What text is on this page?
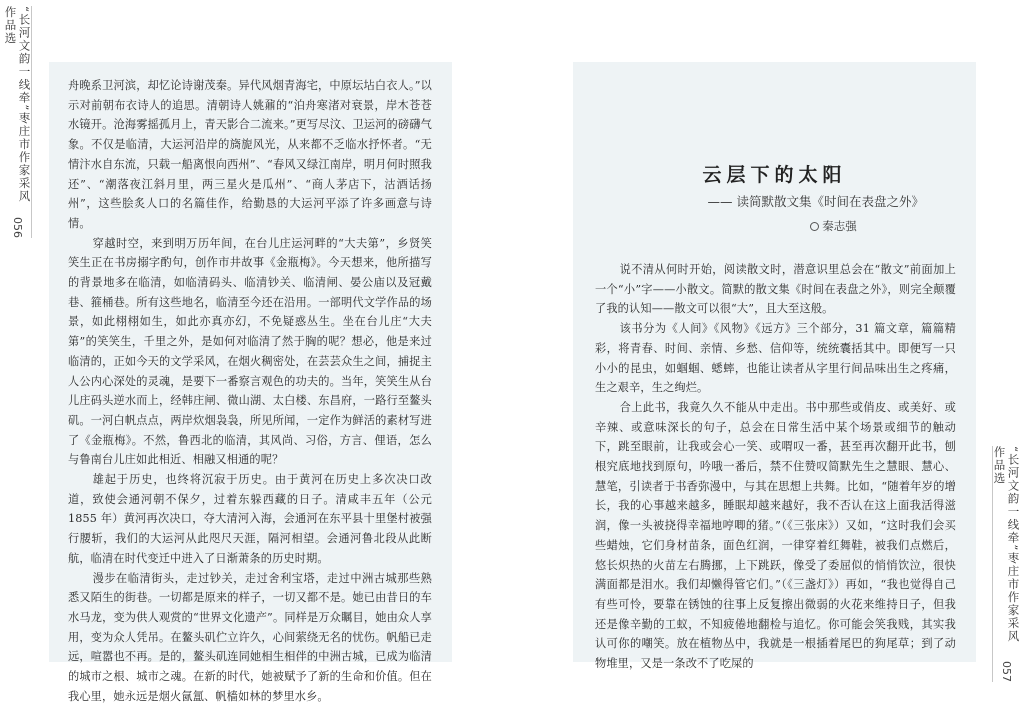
“长河文韵一线牵”枣庄市作家采风作品选
056

舟晚系卫河滨，却忆论诗谢茂秦。异代风烟青海宅，中原坛坫白衣人。”以示对前朝布衣诗人的追思。清朝诗人姚鼐的“泊舟寒渚对衰景，岸木苍苍水镜开。沧海雾摇孤月上，青天影合二流来。”更写尽汶、卫运河的磅礴气象。不仅是临清，大运河沿岸的旖旎风光，从来都不乏临水抒怀者。“无情汴水自东流，只载一船离恨向西州”、“春风又绿江南岸，明月何时照我还”、“潮落夜江斜月里，两三星火是瓜州”、“商人茅店下，沽酒话扬州”，这些脍炙人口的名篇佳作，给勤恳的大运河平添了许多画意与诗情。

穿越时空，来到明万历年间，在台儿庄运河畔的“大夫第”，乡贤笑笑生正在书房搦字酌句，创作市井故事《金瓶梅》。今天想来，他所描写的背景地多在临清，如临清码头、临清钞关、临清闸、晏公庙以及冠戴巷、箍桶巷。所有这些地名，临清至今还在沿用。一部明代文学作品的场景，如此栩栩如生，如此亦真亦幻，不免疑惑丛生。坐在台儿庄“大夫第”的笑笑生，千里之外，是如何对临清了然于胸的呢？想必，他是来过临清的，正如今天的文学采风，在烟火稠密处，在芸芸众生之间，捕捉主人公内心深处的灵魂，是要下一番察言观色的功夫的。当年，笑笑生从台儿庄码头逆水而上，经韩庄闸、微山湖、太白楼、东昌府，一路行至鳌头矶。一河白帆点点，两岸炊烟袅袅，所见所闻，一定作为鲜活的素材写进了《金瓶梅》。不然，鲁西北的临清，其风尚、习俗，方言、俚语，怎么与鲁南台儿庄如此相近、相融又相通的呢？

雄起于历史，也终将沉寂于历史。由于黄河在历史上多次决口改道，致使会通河朝不保夕，过着东躲西藏的日子。清咸丰五年（公元 1855 年）黄河再次决口，夺大清河入海，会通河在东平县十里堡村被强行腰斩，我们的大运河从此咫尺天涯，隔河相望。会通河鲁北段从此断航，临清在时代变迁中进入了日渐萧条的历史时期。

漫步在临清街头，走过钞关，走过舍利宝塔，走过中洲古城那些熟悉又陌生的街巷。一切都是原来的样子，一切又都不是。她已由昔日的车水马龙，变为供人观赏的“世界文化遗产”。同样是万众瞩目，她由众人享用，变为众人凭吊。在鳌头矶伫立许久，心间萦绕无名的忧伤。帆船已走远，喧嚣也不再。是的，鳌头矶连同她相生相伴的中洲古城，已成为临清的城市之根、城市之魂。在新的时代，她被赋予了新的生命和价值。但在我心里，她永远是烟火氤氲、帆樯如林的梦里水乡。

云层下的太阳
—— 读简默散文集《时间在表盘之外》
秦志强

说不清从何时开始，阅读散文时，潜意识里总会在“散文”前面加上一个“小”字——小散文。简默的散文集《时间在表盘之外》，则完全颠覆了我的认知——散文可以很“大”，且大至这般。

该书分为《人间》《风物》《远方》三个部分，31 篇文章，篇篇精彩，将青春、时间、亲情、乡愁、信仰等，统统囊括其中。即便写一只小小的昆虫，如蝈蝈、蟋蟀，也能让读者从字里行间品味出生之疼痛，生之艰辛，生之绚烂。

合上此书，我竟久久不能从中走出。书中那些或俏皮、或美好、或辛辣、或意味深长的句子，总会在日常生活中某个场景或细节的触动下，跳至眼前，让我或会心一笑、或喟叹一番，甚至再次翻开此书，刨根究底地找到原句，吟哦一番后，禁不住赞叹简默先生之慧眼、慧心、慧笔，引读者于书香弥漫中，与其在思想上共舞。比如，“随着年岁的增长，我的心事越来越多，睡眠却越来越好，我不否认在这上面我活得滋润，像一头被挠得幸福地哼唧的猪。”（《三张床》）又如，“这时我们会买些蜡烛，它们身材苗条，面色红润，一律穿着红舞鞋，被我们点燃后，悠长炽热的火苗左右腾挪，上下跳跃，像受了委屈似的悄悄饮泣，很快满面都是泪水。我们却懒得管它们。”（《三盏灯》）再如，“我也觉得自己有些可怜，要靠在锈蚀的往事上反复擦出微弱的火花来维持日子，但我还是像辛勤的工蚁，不知疲倦地翻检与追忆。你可能会笑我贱，其实我认可你的嘲笑。放在植物丛中，我就是一根插着尾巴的狗尾草；到了动物堆里，又是一条改不了吃屎的

“长河文韵一线牵”枣庄市作家采风作品选
057
